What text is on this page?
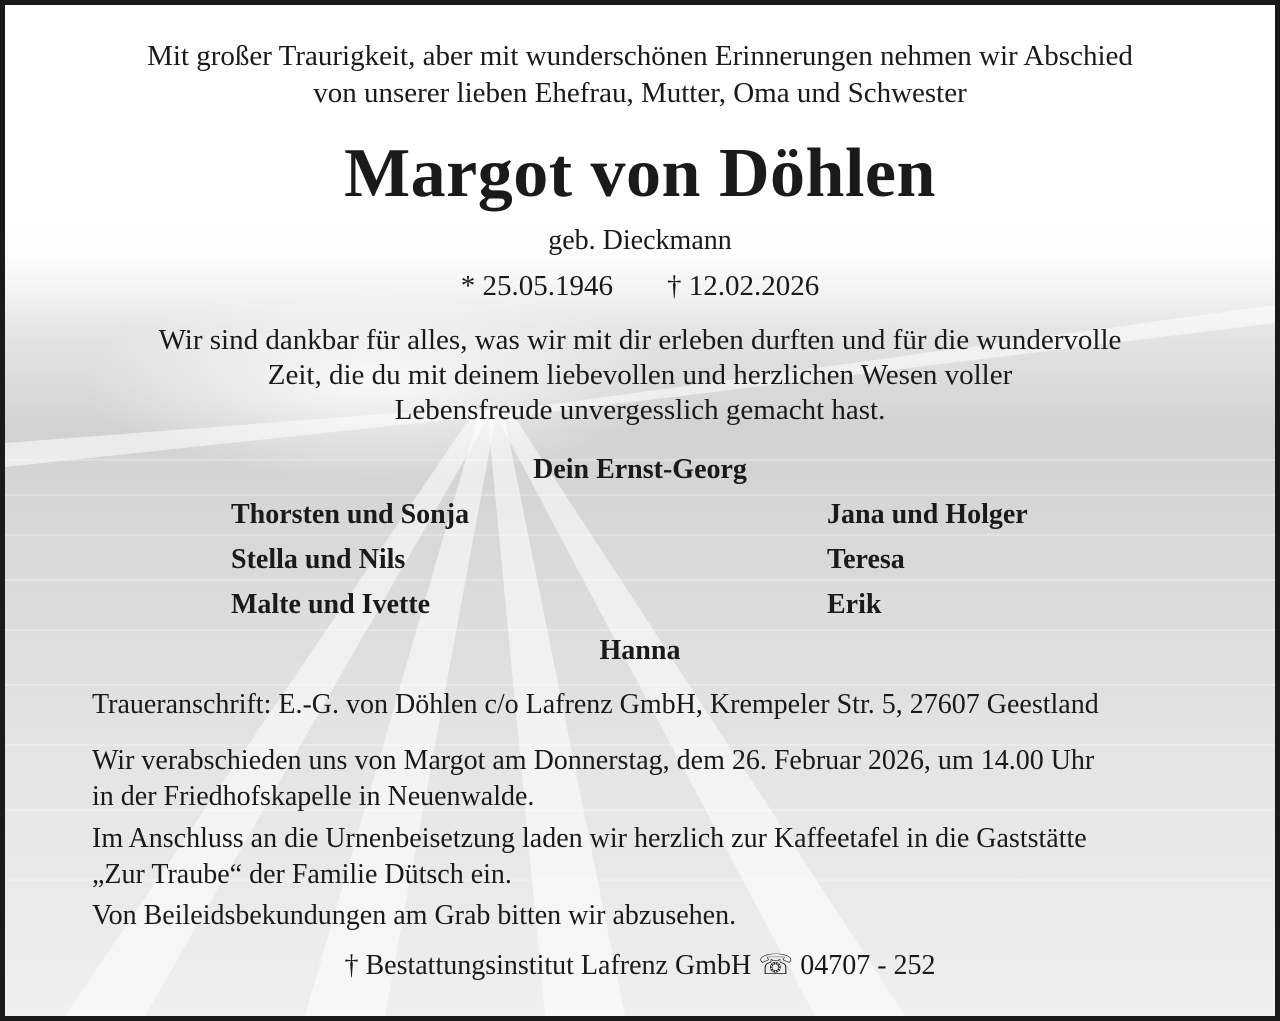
Mit großer Traurigkeit, aber mit wunderschönen Erinnerungen nehmen wir Abschied
von unserer lieben Ehefrau, Mutter, Oma und Schwester
Margot von Döhlen
geb. Dieckmann
* 25.05.1946 † 12.02.2026
Wir sind dankbar für alles, was wir mit dir erleben durften und für die wundervolle
Zeit, die du mit deinem liebevollen und herzlichen Wesen voller
Lebensfreude unvergesslich gemacht hast.
Dein Ernst-Georg
Thorsten und Sonja
Stella und Nils
Malte und Ivette
Jana und Holger
Teresa
Erik
Hanna
Traueranschrift: E.-G. von Döhlen c/o Lafrenz GmbH, Krempeler Str. 5, 27607 Geestland
Wir verabschieden uns von Margot am Donnerstag, dem 26. Februar 2026, um 14.00 Uhr
in der Friedhofskapelle in Neuenwalde.
Im Anschluss an die Urnenbeisetzung laden wir herzlich zur Kaffeetafel in die Gaststätte
„Zur Traube“ der Familie Dütsch ein.
Von Beileidsbekundungen am Grab bitten wir abzusehen.
† Bestattungsinstitut Lafrenz GmbH ☏ 04707 - 252
